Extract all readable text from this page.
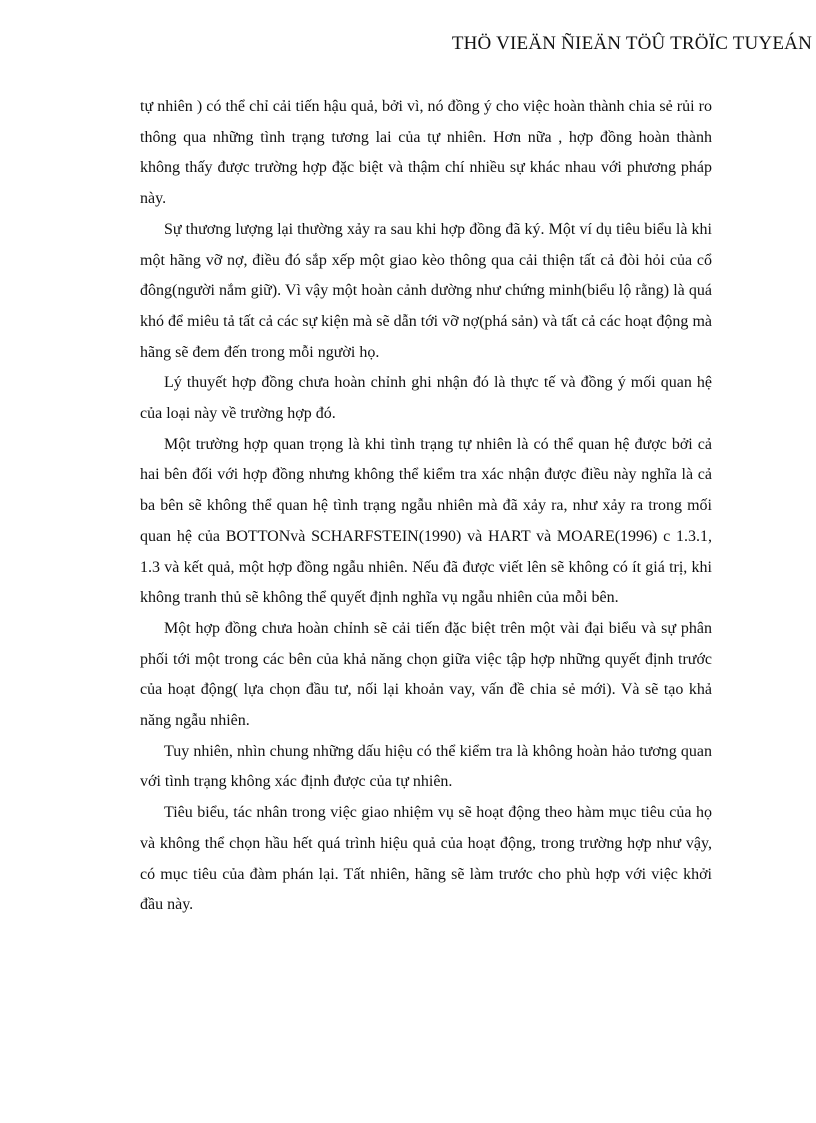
THÖ VIEÄN ÑIEÄN TÖÛ TRÖÏC TUYEÁN

tự nhiên ) có thể chỉ cải tiến hậu quả, bởi vì, nó đồng ý cho việc hoàn thành chia sẻ rủi ro thông qua những tình trạng tương lai của tự nhiên. Hơn nữa , hợp đồng hoàn thành không thấy được trường hợp đặc biệt và thậm chí nhiều sự khác nhau với phương pháp này.

Sự thương lượng lại thường xảy ra sau khi hợp đồng đã ký. Một ví dụ tiêu biểu là khi một hãng vỡ nợ, điều đó sắp xếp một giao kèo thông qua cải thiện tất cả đòi hỏi của cổ đông(người nắm giữ). Vì vậy một hoàn cảnh dường như chứng minh(biểu lộ rằng) là quá khó để miêu tả tất cả các sự kiện mà sẽ dẫn tới vỡ nợ(phá sản) và tất cả các hoạt động mà hãng sẽ đem đến trong mỗi người họ.

Lý thuyết hợp đồng chưa hoàn chỉnh ghi nhận đó là thực tế và đồng ý mối quan hệ của loại này về trường hợp đó.

Một trường hợp quan trọng là khi tình trạng tự nhiên là có thể quan hệ được bởi cả hai bên đối với hợp đồng nhưng không thể kiểm tra xác nhận được điều này nghĩa là cả ba bên sẽ không thể quan hệ tình trạng ngẫu nhiên mà đã xảy ra, như xảy ra trong mối quan hệ của BOTTONvà SCHARFSTEIN(1990) và HART và MOARE(1996) c 1.3.1, 1.3 và kết quả, một hợp đồng ngẫu nhiên. Nếu đã được viết lên sẽ không có ít giá trị, khi không tranh thủ sẽ không thể quyết định nghĩa vụ ngẫu nhiên của mỗi bên.

Một hợp đồng chưa hoàn chỉnh sẽ cải tiến đặc biệt trên một vài đại biểu và sự phân phối tới một trong các bên của khả năng chọn giữa việc tập hợp những quyết định trước của hoạt động( lựa chọn đầu tư, nối lại khoản vay, vấn đề chia sẻ mới). Và sẽ tạo khả năng ngẫu nhiên.

Tuy nhiên, nhìn chung những dấu hiệu có thể kiểm tra là không hoàn hảo tương quan với tình trạng không xác định được của tự nhiên.

Tiêu biểu, tác nhân trong việc giao nhiệm vụ sẽ hoạt động theo hàm mục tiêu của họ và không thể chọn hầu hết quá trình hiệu quả của hoạt động, trong trường hợp như vậy, có mục tiêu của đàm phán lại. Tất nhiên, hãng sẽ làm trước cho phù hợp với việc khởi đầu này.
